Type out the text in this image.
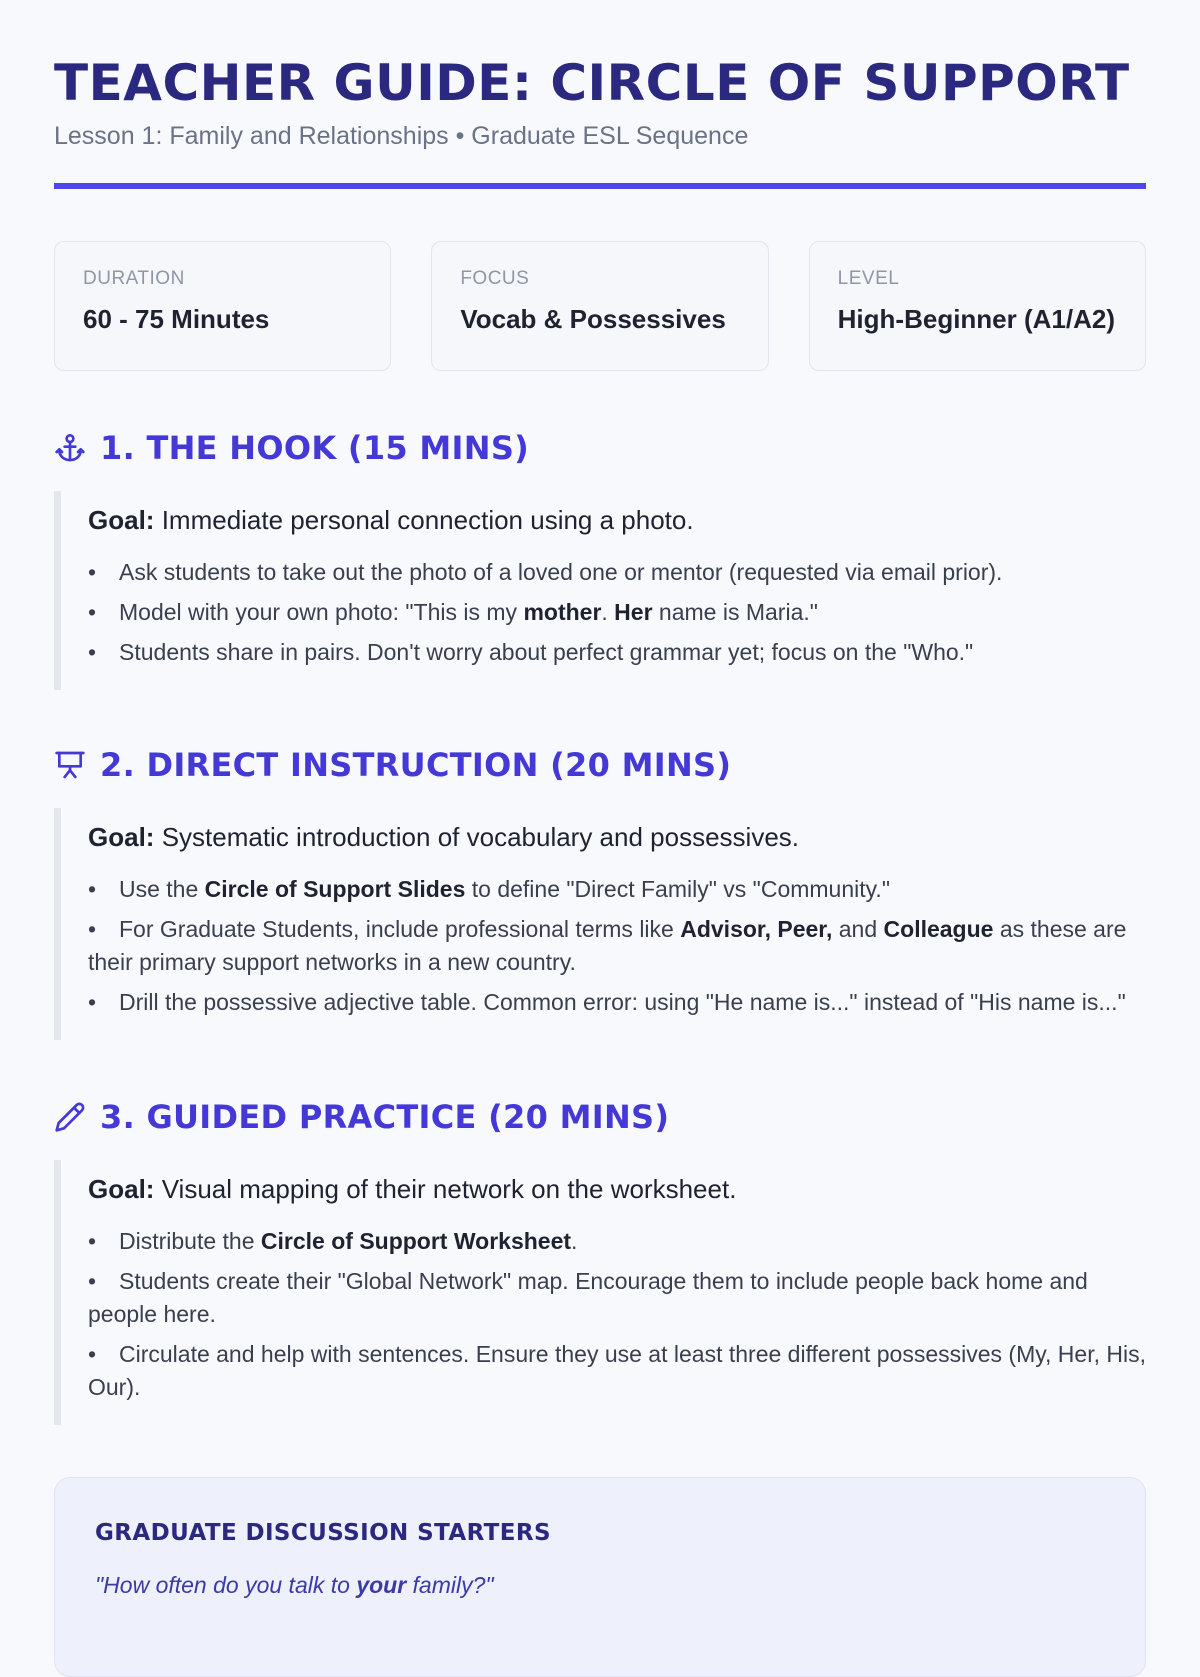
TEACHER GUIDE: CIRCLE OF SUPPORT
Lesson 1: Family and Relationships • Graduate ESL Sequence
DURATION
60 - 75 Minutes
FOCUS
Vocab & Possessives
LEVEL
High-Beginner (A1/A2)
1. THE HOOK (15 MINS)
Goal: Immediate personal connection using a photo.
• Ask students to take out the photo of a loved one or mentor (requested via email prior).
• Model with your own photo: "This is my mother. Her name is Maria."
• Students share in pairs. Don't worry about perfect grammar yet; focus on the "Who."
2. DIRECT INSTRUCTION (20 MINS)
Goal: Systematic introduction of vocabulary and possessives.
• Use the Circle of Support Slides to define "Direct Family" vs "Community."
• For Graduate Students, include professional terms like Advisor, Peer, and Colleague as these are their primary support networks in a new country.
• Drill the possessive adjective table. Common error: using "He name is..." instead of "His name is..."
3. GUIDED PRACTICE (20 MINS)
Goal: Visual mapping of their network on the worksheet.
• Distribute the Circle of Support Worksheet.
• Students create their "Global Network" map. Encourage them to include people back home and people here.
• Circulate and help with sentences. Ensure they use at least three different possessives (My, Her, His, Our).
GRADUATE DISCUSSION STARTERS
"How often do you talk to your family?"
